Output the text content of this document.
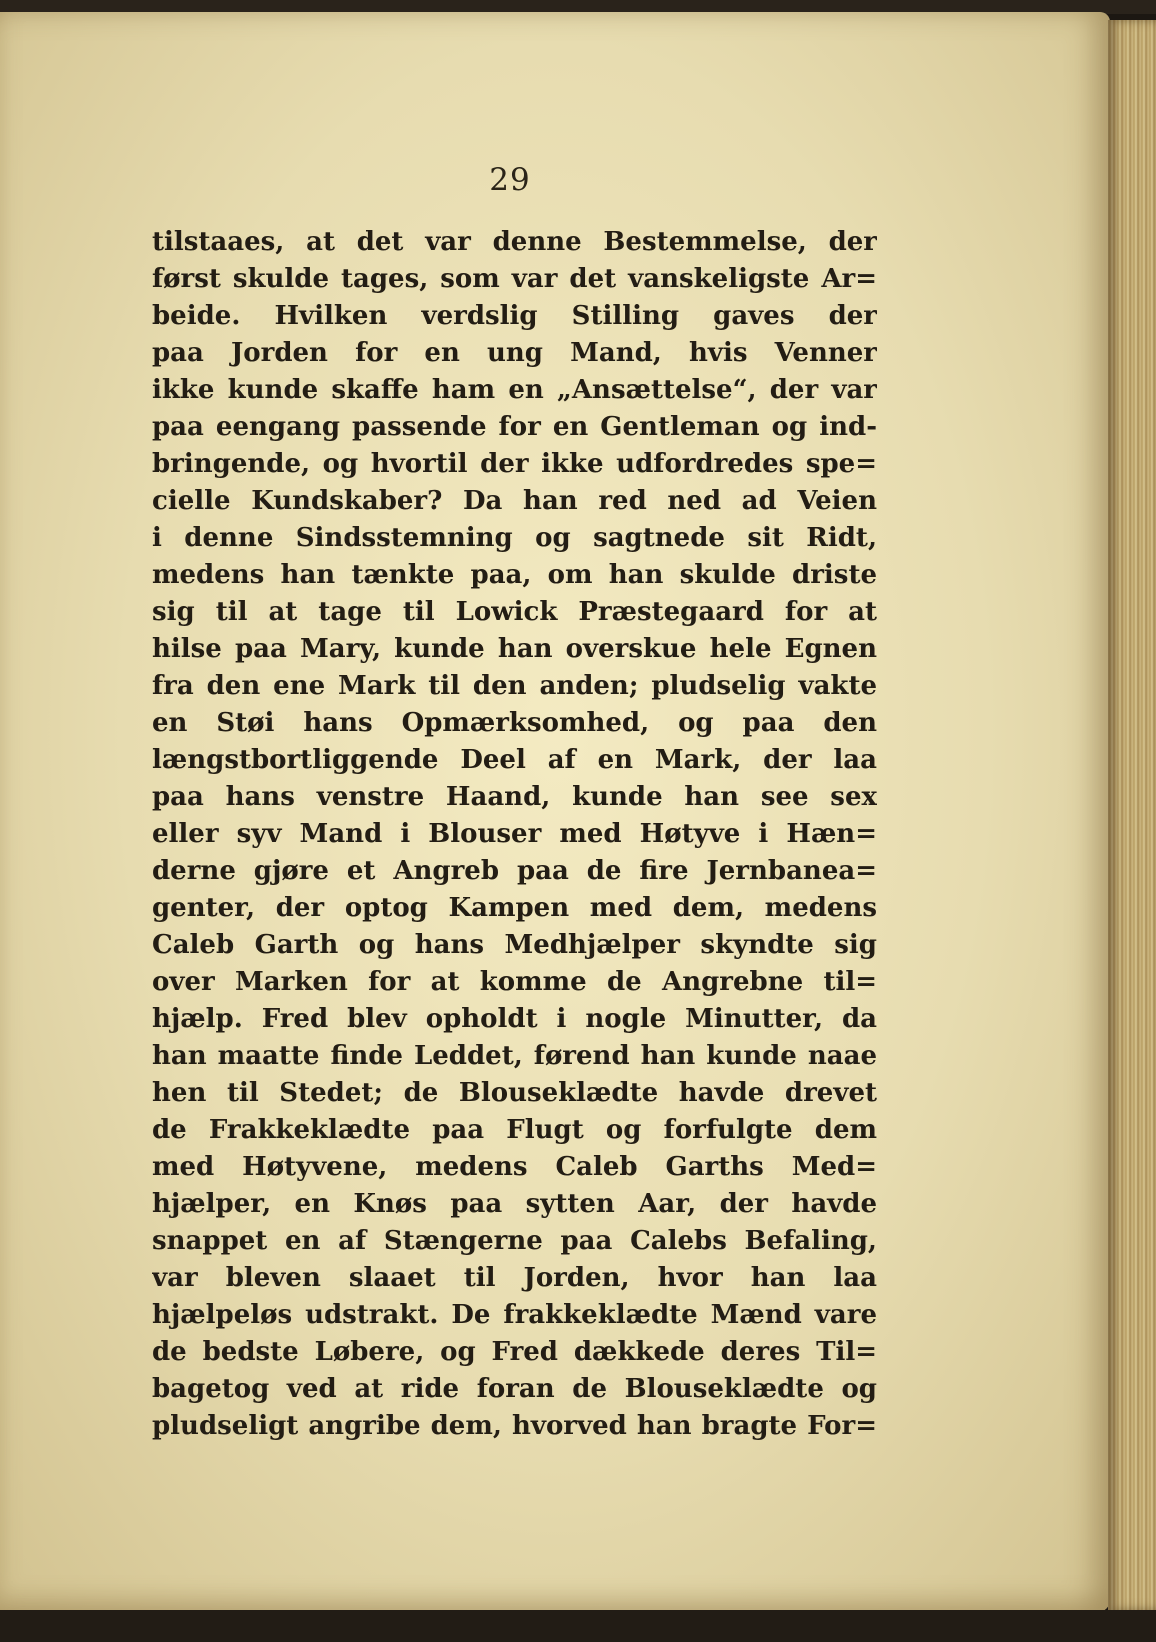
29
tilstaaes, at det var denne Bestemmelse, der
først skulde tages, som var det vanskeligste Ar=
beide. Hvilken verdslig Stilling gaves der
paa Jorden for en ung Mand, hvis Venner
ikke kunde skaffe ham en „Ansættelse“, der var
paa eengang passende for en Gentleman og ind-
bringende, og hvortil der ikke udfordredes spe=
cielle Kundskaber? Da han red ned ad Veien
i denne Sindsstemning og sagtnede sit Ridt,
medens han tænkte paa, om han skulde driste
sig til at tage til Lowick Præstegaard for at
hilse paa Mary, kunde han overskue hele Egnen
fra den ene Mark til den anden; pludselig vakte
en Støi hans Opmærksomhed, og paa den
længstbortliggende Deel af en Mark, der laa
paa hans venstre Haand, kunde han see sex
eller syv Mand i Blouser med Høtyve i Hæn=
derne gjøre et Angreb paa de fire Jernbanea=
genter, der optog Kampen med dem, medens
Caleb Garth og hans Medhjælper skyndte sig
over Marken for at komme de Angrebne til=
hjælp. Fred blev opholdt i nogle Minutter, da
han maatte finde Leddet, førend han kunde naae
hen til Stedet; de Blouseklædte havde drevet
de Frakkeklædte paa Flugt og forfulgte dem
med Høtyvene, medens Caleb Garths Med=
hjælper, en Knøs paa sytten Aar, der havde
snappet en af Stængerne paa Calebs Befaling,
var bleven slaaet til Jorden, hvor han laa
hjælpeløs udstrakt. De frakkeklædte Mænd vare
de bedste Løbere, og Fred dækkede deres Til=
bagetog ved at ride foran de Blouseklædte og
pludseligt angribe dem, hvorved han bragte For=
